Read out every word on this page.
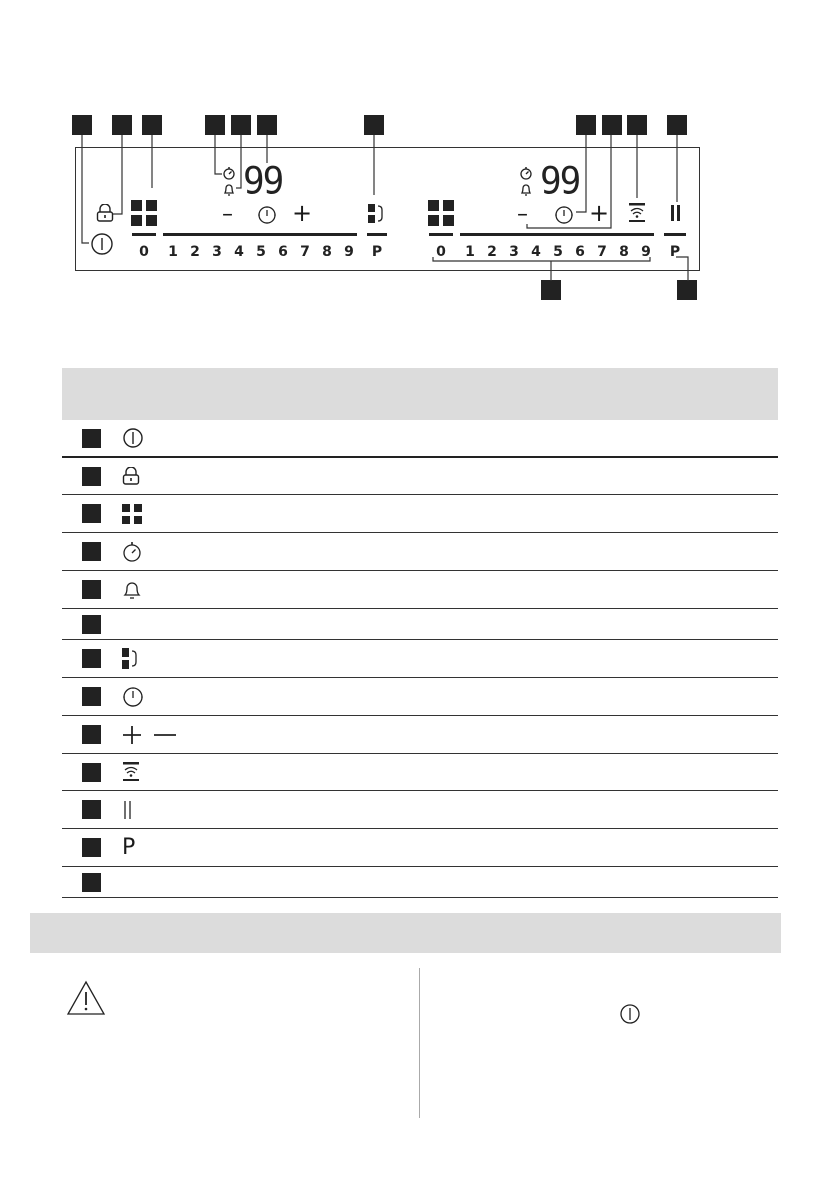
99
– +
0 1 2 3 4 5 6 7 8 9 P
99
–	+
0 1 2 3 4 5 6 7 8 9 P
P
